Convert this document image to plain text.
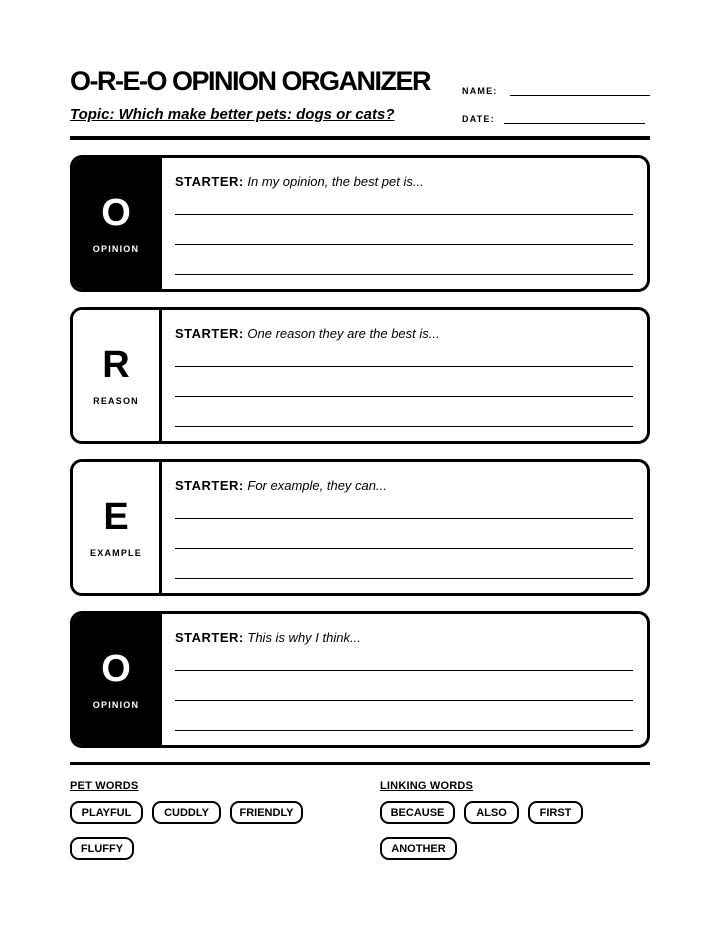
O-R-E-O OPINION ORGANIZER
Topic: Which make better pets: dogs or cats?
NAME:
DATE:
O
OPINION
STARTER: In my opinion, the best pet is...
R
REASON
STARTER: One reason they are the best is...
E
EXAMPLE
STARTER: For example, they can...
O
OPINION
STARTER: This is why I think...
PET WORDS
PLAYFUL	CUDDLY	FRIENDLY
FLUFFY
LINKING WORDS
BECAUSE	ALSO	FIRST
ANOTHER
